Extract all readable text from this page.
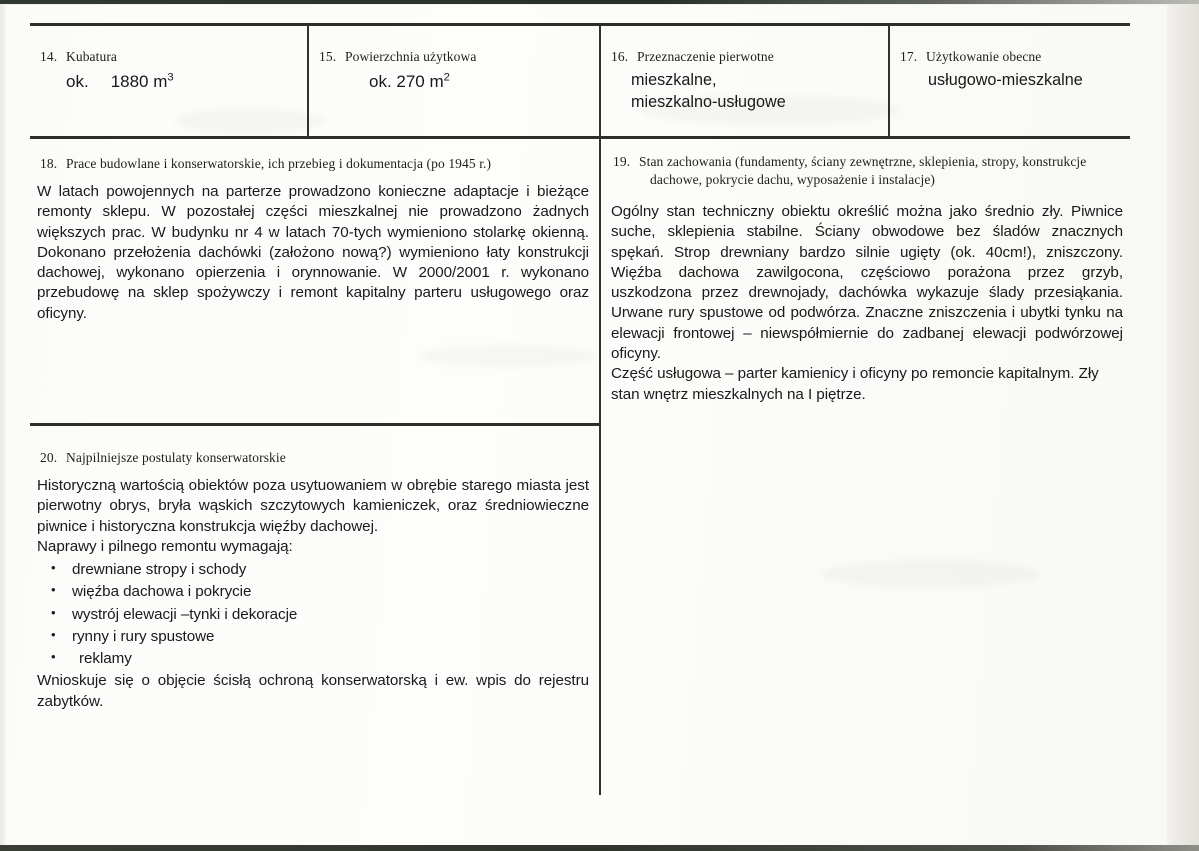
14. Kubatura
ok. 1880 $m^3$
15. Powierzchnia użytkowa
ok. 270 $m^2$
16. Przeznaczenie pierwotne
mieszkalne,
mieszkalno-usługowe
17. Użytkowanie obecne
usługowo-mieszkalne
18. Prace budowlane i konserwatorskie, ich przebieg i dokumentacja (po 1945 r.)

W latach powojennych na parterze prowadzono konieczne adaptacje i bieżące remonty sklepu. W pozostałej części mieszkalnej nie prowadzono żadnych większych prac. W budynku nr 4 w latach 70-tych wymieniono stolarkę okienną. Dokonano przełożenia dachówki (założono nową?) wymieniono łaty konstrukcji dachowej, wykonano opierzenia i orynnowanie. W 2000/2001 r. wykonano przebudowę na sklep spożywczy i remont kapitalny parteru usługowego oraz oficyny.

19. Stan zachowania (fundamenty, ściany zewnętrzne, sklepienia, stropy, konstrukcje
dachowe, pokrycie dachu, wyposażenie i instalacje)

Ogólny stan techniczny obiektu określić można jako średnio zły. Piwnice suche, sklepienia stabilne. Ściany obwodowe bez śladów znacznych spękań. Strop drewniany bardzo silnie ugięty (ok. 40cm!), zniszczony. Więźba dachowa zawilgocona, częściowo porażona przez grzyb, uszkodzona przez drewnojady, dachówka wykazuje ślady przesiąkania. Urwane rury spustowe od podwórza. Znaczne zniszczenia i ubytki tynku na elewacji frontowej – niewspółmiernie do zadbanej elewacji podwórzowej oficyny.

Część usługowa – parter kamienicy i oficyny po remoncie kapitalnym. Zły stan wnętrz mieszkalnych na I piętrze.

20. Najpilniejsze postulaty konserwatorskie

Historyczną wartością obiektów poza usytuowaniem w obrębie starego miasta jest pierwotny obrys, bryła wąskich szczytowych kamieniczek, oraz średniowieczne piwnice i historyczna konstrukcja więźby dachowej.

Naprawy i pilnego remontu wymagają:

• drewniane stropy i schody
• więźba dachowa i pokrycie
• wystrój elewacji –tynki i dekoracje
• rynny i rury spustowe
• reklamy

Wnioskuje się o objęcie ścisłą ochroną konserwatorską i ew. wpis do rejestru zabytków.
